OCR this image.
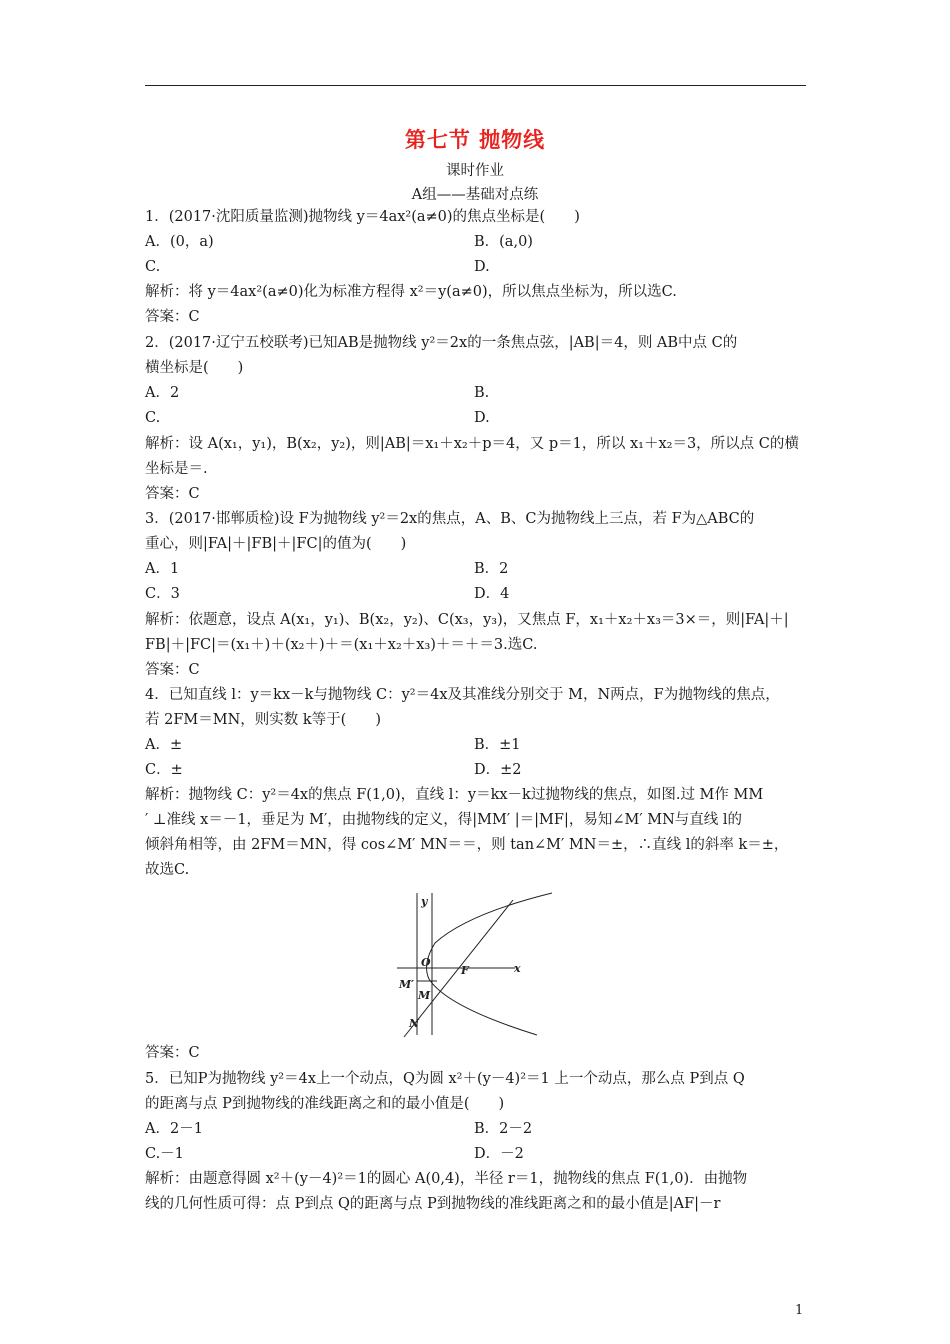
第七节 抛物线
课时作业
A组——基础对点练
1．(2017·沈阳质量监测)抛物线 y＝4ax²(a≠0)的焦点坐标是(　　)
A．(0，a)	B．(a,0)
C.	D.
解析：将 y＝4ax²(a≠0)化为标准方程得 x²＝y(a≠0)，所以焦点坐标为，所以选C.
答案：C
2．(2017·辽宁五校联考)已知AB是抛物线 y²＝2x的一条焦点弦，|AB|＝4，则 AB中点 C的
横坐标是(　　)
A．2	B.
C.	D.
解析：设 A(x₁，y₁)，B(x₂，y₂)，则|AB|＝x₁＋x₂＋p＝4，又 p＝1，所以 x₁＋x₂＝3，所以点 C的横
坐标是＝.
答案：C
3．(2017·邯郸质检)设 F为抛物线 y²＝2x的焦点，A、B、C为抛物线上三点，若 F为△ABC的
重心，则|FA|＋|FB|＋|FC|的值为(　　)
A．1	B．2
C．3	D．4
解析：依题意，设点 A(x₁，y₁)、B(x₂，y₂)、C(x₃，y₃)，又焦点 F，x₁＋x₂＋x₃＝3×＝，则|FA|＋|
FB|＋|FC|＝(x₁＋)＋(x₂＋)＋＝(x₁＋x₂＋x₃)＋＝＋＝3.选C.
答案：C
4．已知直线 l：y＝kx－k与抛物线 C：y²＝4x及其准线分别交于 M，N两点，F为抛物线的焦点，
若 2FM＝MN，则实数 k等于(　　)
A．±	B．±1
C．±	D．±2
解析：抛物线 C：y²＝4x的焦点 F(1,0)，直线 l：y＝kx－k过抛物线的焦点，如图.过 M作 MM
′ ⊥准线 x＝－1，垂足为 M′，由抛物线的定义，得|MM′ |＝|MF|，易知∠M′ MN与直线 l的
倾斜角相等，由 2FM＝MN，得 cos∠M′ MN＝＝，则 tan∠M′ MN＝±，∴直线 l的斜率 k＝±，
故选C.
y
x
O
F
M′
M
N
答案：C
5．已知P为抛物线 y²＝4x上一个动点，Q为圆 x²＋(y－4)²＝1 上一个动点，那么点 P到点 Q
的距离与点 P到抛物线的准线距离之和的最小值是(　　)
A．2－1	B．2－2
C.－1	D．－2
解析：由题意得圆 x²＋(y－4)²＝1的圆心 A(0,4)，半径 r＝1，抛物线的焦点 F(1,0)．由抛物
线的几何性质可得：点 P到点 Q的距离与点 P到抛物线的准线距离之和的最小值是|AF|－r
1
